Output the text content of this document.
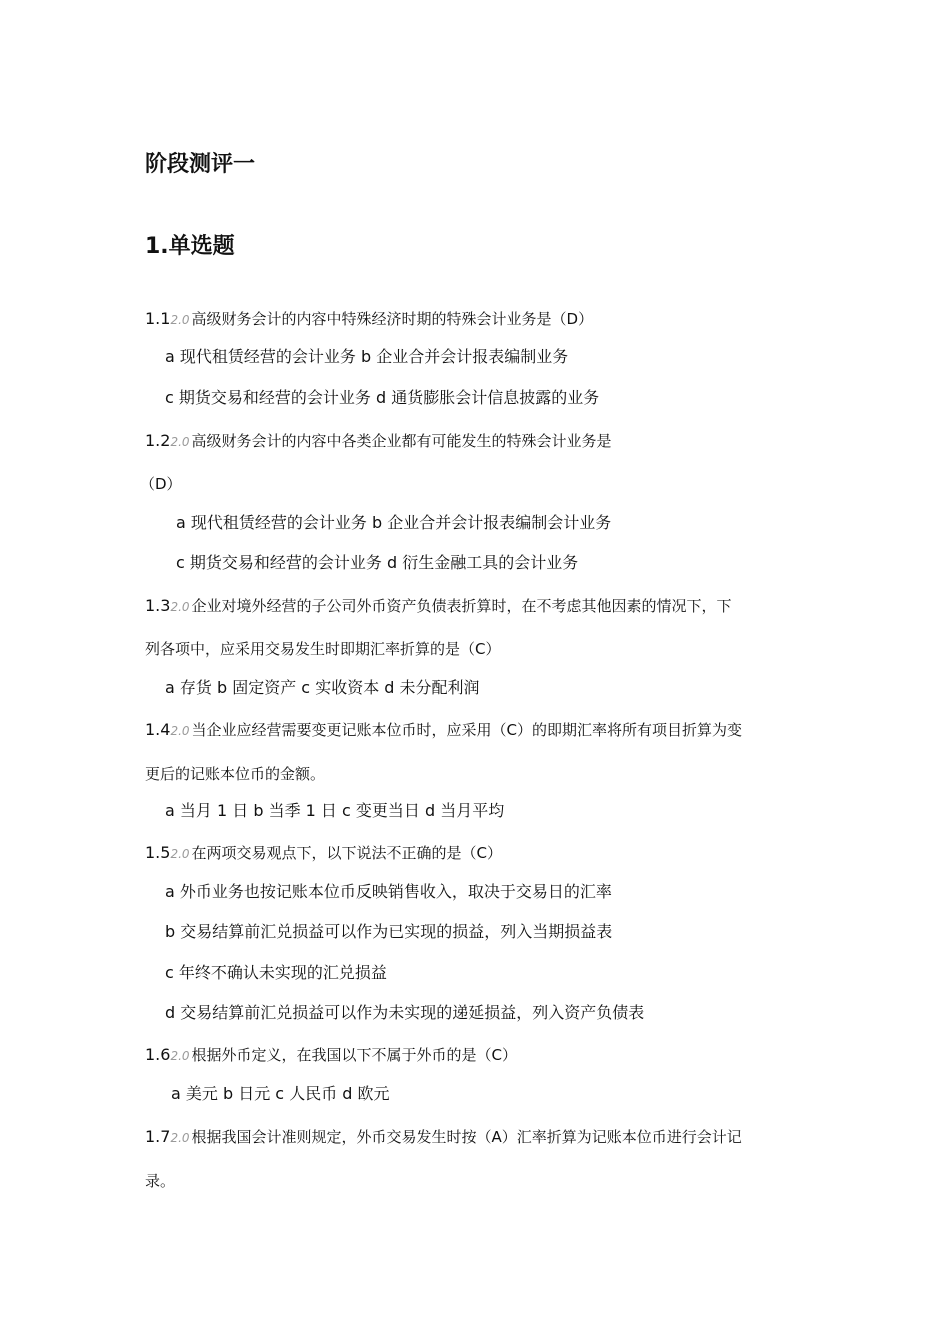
阶段测评一
1.单选题

1.12.0 高级财务会计的内容中特殊经济时期的特殊会计业务是（D）

a 现代租赁经营的会计业务 b 企业合并会计报表编制业务

c 期货交易和经营的会计业务 d 通货膨胀会计信息披露的业务

1.22.0 高级财务会计的内容中各类企业都有可能发生的特殊会计业务是

（D）

a 现代租赁经营的会计业务 b 企业合并会计报表编制会计业务

c 期货交易和经营的会计业务 d 衍生金融工具的会计业务

1.32.0 企业对境外经营的子公司外币资产负债表折算时，在不考虑其他因素的情况下，下

列各项中，应采用交易发生时即期汇率折算的是（C）

a 存货 b 固定资产 c 实收资本 d 未分配利润

1.42.0 当企业应经营需要变更记账本位币时，应采用（C）的即期汇率将所有项目折算为变

更后的记账本位币的金额。

a 当月 1 日 b 当季 1 日 c 变更当日 d 当月平均

1.52.0 在两项交易观点下，以下说法不正确的是（C）

a 外币业务也按记账本位币反映销售收入，取决于交易日的汇率

b 交易结算前汇兑损益可以作为已实现的损益，列入当期损益表

c 年终不确认未实现的汇兑损益

d 交易结算前汇兑损益可以作为未实现的递延损益，列入资产负债表

1.62.0 根据外币定义，在我国以下不属于外币的是（C）

a 美元 b 日元 c 人民币 d 欧元

1.72.0 根据我国会计准则规定，外币交易发生时按（A）汇率折算为记账本位币进行会计记

录。
